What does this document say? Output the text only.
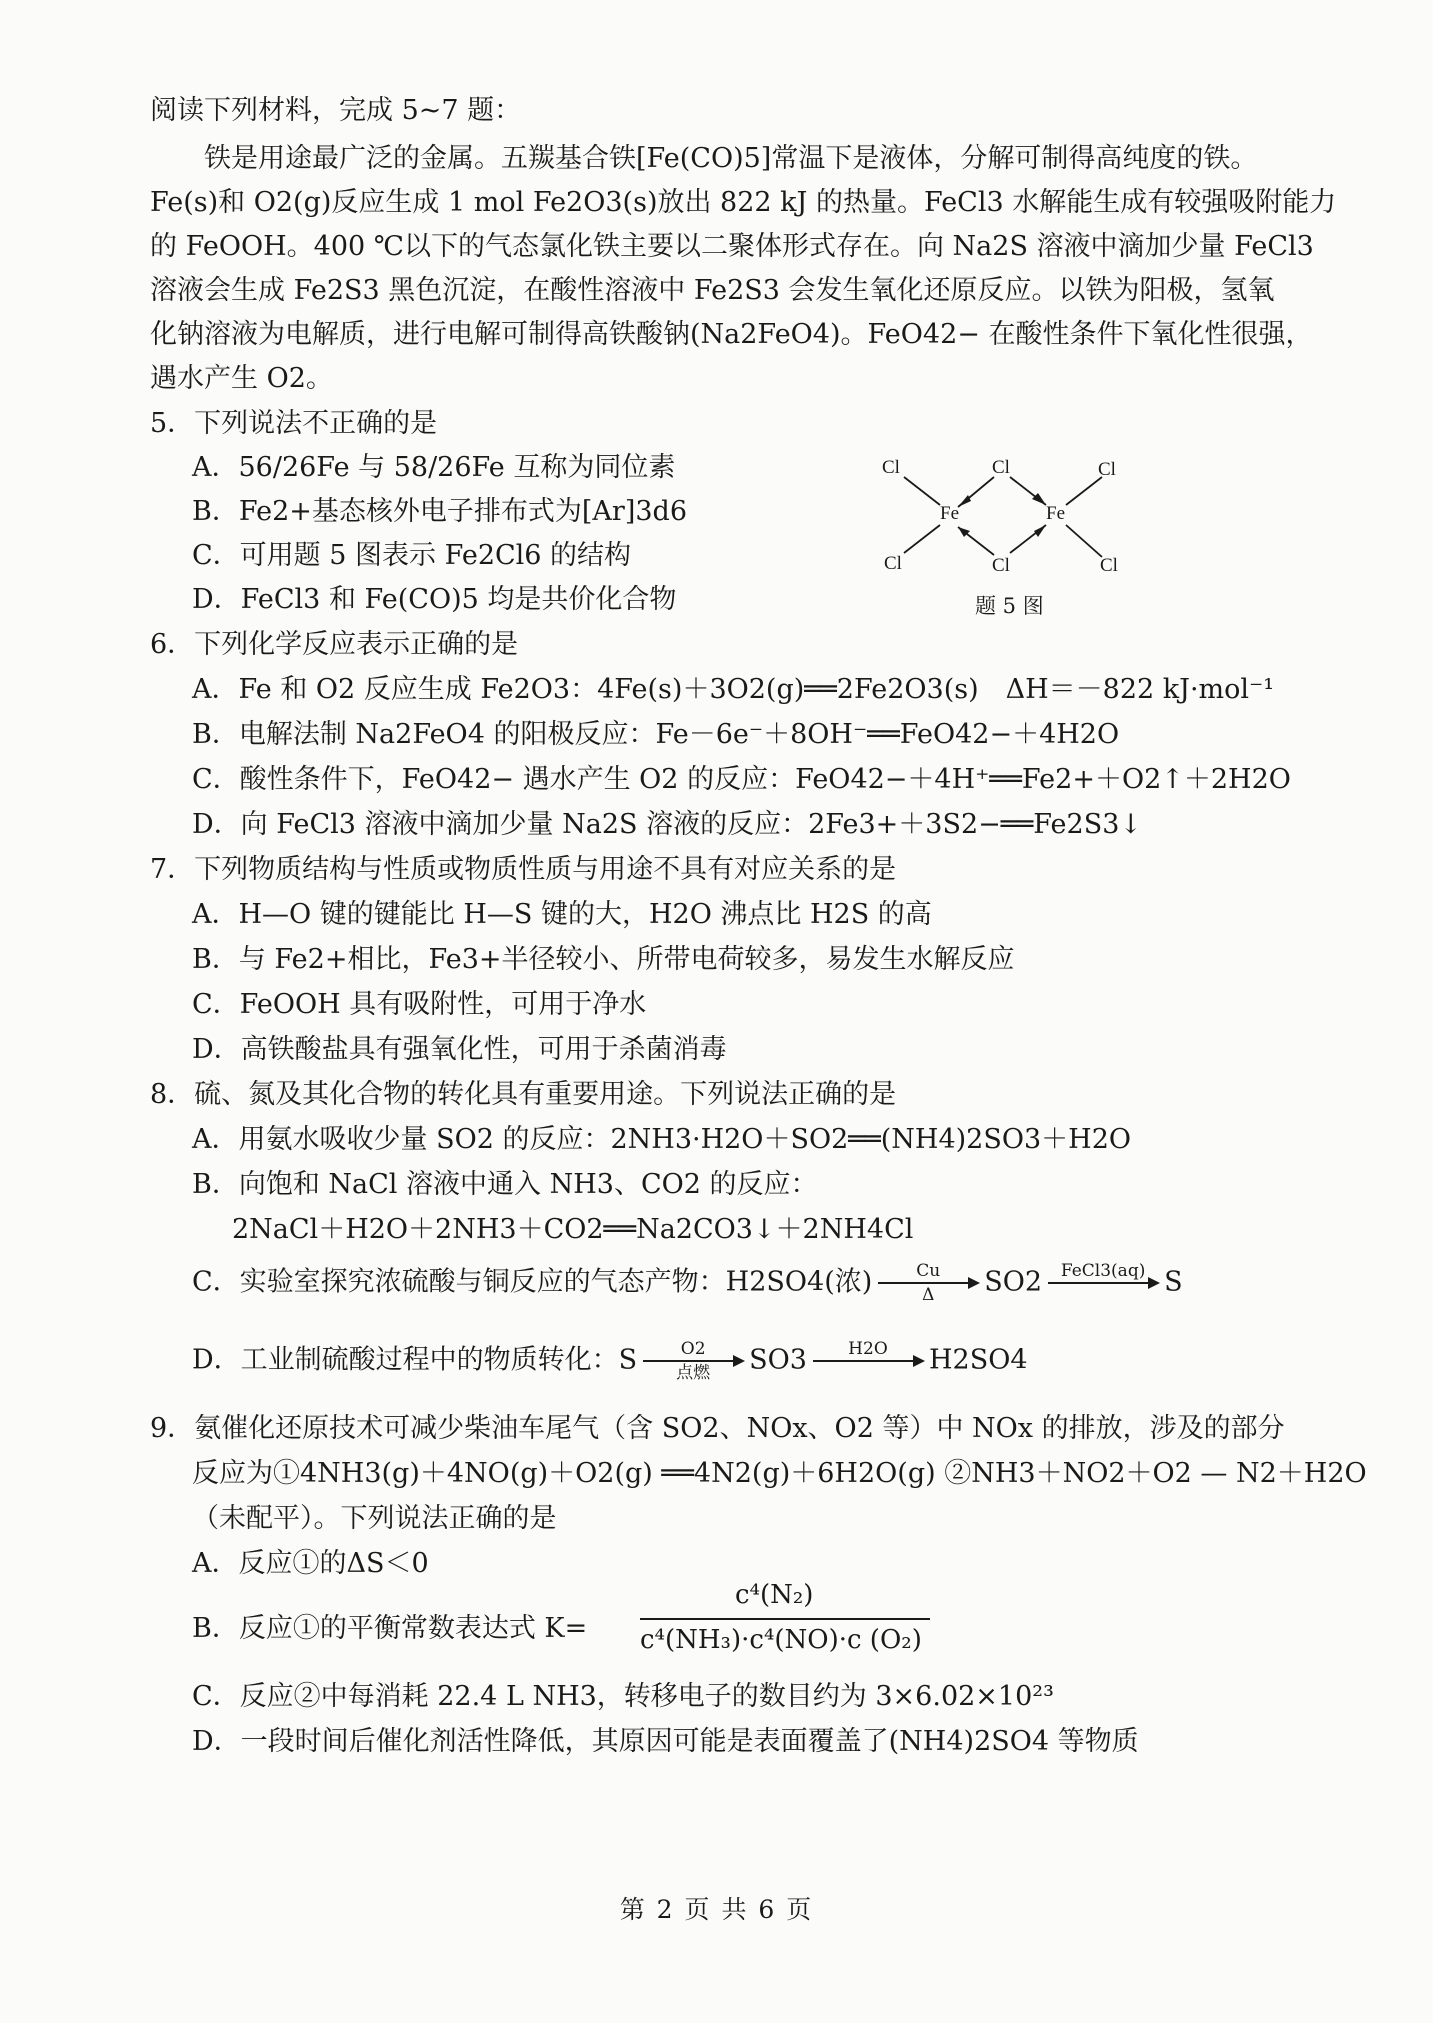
阅读下列材料，完成 5~7 题：
铁是用途最广泛的金属。五羰基合铁[Fe(CO)5]常温下是液体，分解可制得高纯度的铁。
Fe(s)和 O2(g)反应生成 1 mol Fe2O3(s)放出 822 kJ 的热量。FeCl3 水解能生成有较强吸附能力
的 FeOOH。400 ℃以下的气态氯化铁主要以二聚体形式存在。向 Na2S 溶液中滴加少量 FeCl3
溶液会生成 Fe2S3 黑色沉淀，在酸性溶液中 Fe2S3 会发生氧化还原反应。以铁为阳极，氢氧
化钠溶液为电解质，进行电解可制得高铁酸钠(Na2FeO4)。FeO42− 在酸性条件下氧化性很强，
遇水产生 O2。
5．下列说法不正确的是
A．56/26Fe 与 58/26Fe 互称为同位素
B．Fe2+基态核外电子排布式为[Ar]3d6
C．可用题 5 图表示 Fe2Cl6 的结构
D．FeCl3 和 Fe(CO)5 均是共价化合物
Cl	Cl	Cl
Fe	Fe
Cl	Cl	Cl
题 5 图
6．下列化学反应表示正确的是
A．Fe 和 O2 反应生成 Fe2O3：4Fe(s)＋3O2(g)══2Fe2O3(s)　ΔH＝－822 kJ·mol⁻¹
B．电解法制 Na2FeO4 的阳极反应：Fe－6e⁻＋8OH⁻══FeO42−＋4H2O
C．酸性条件下，FeO42− 遇水产生 O2 的反应：FeO42−＋4H⁺══Fe2+＋O2↑＋2H2O
D．向 FeCl3 溶液中滴加少量 Na2S 溶液的反应：2Fe3+＋3S2−══Fe2S3↓
7．下列物质结构与性质或物质性质与用途不具有对应关系的是
A．H—O 键的键能比 H—S 键的大，H2O 沸点比 H2S 的高
B．与 Fe2+相比，Fe3+半径较小、所带电荷较多，易发生水解反应
C．FeOOH 具有吸附性，可用于净水
D．高铁酸盐具有强氧化性，可用于杀菌消毒
8．硫、氮及其化合物的转化具有重要用途。下列说法正确的是
A．用氨水吸收少量 SO2 的反应：2NH3·H2O＋SO2══(NH4)2SO3＋H2O
B．向饱和 NaCl 溶液中通入 NH3、CO2 的反应：
2NaCl＋H2O＋2NH3＋CO2══Na2CO3↓＋2NH4Cl
C．实验室探究浓硫酸与铜反应的气态产物：H2SO4(浓) $\frac{Cu}{\Delta} SO2$	FeCl3(aq)
S
D．工业制硫酸过程中的物质转化：S	O2
点燃	SO3	H2O
	H2SO4
9．氨催化还原技术可减少柴油车尾气（含 SO2、NOx、O2 等）中 NOx 的排放，涉及的部分
反应为①4NH3(g)＋4NO(g)＋O2(g) ══4N2(g)＋6H2O(g) ②NH3＋NO2＋O2 — N2＋H2O
（未配平）。下列说法正确的是
A．反应①的ΔS＜0
B．反应①的平衡常数表达式 K=
c⁴(N₂)
c⁴(NH₃)·c⁴(NO)·c (O₂)
C．反应②中每消耗 22.4 L NH3，转移电子的数目约为 3×6.02×10²³
D．一段时间后催化剂活性降低，其原因可能是表面覆盖了(NH4)2SO4 等物质
第 2 页 共 6 页
